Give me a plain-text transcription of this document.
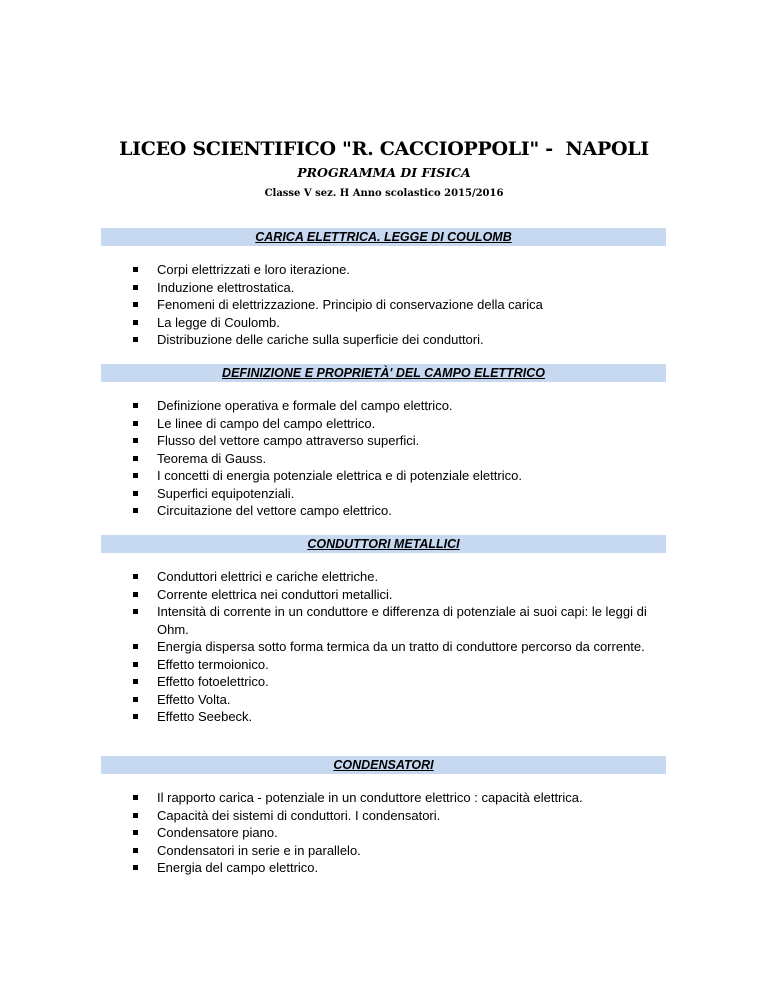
LICEO SCIENTIFICO "R. CACCIOPPOLI" -  NAPOLI
PROGRAMMA DI FISICA
Classe V sez. H Anno scolastico 2015/2016
CARICA ELETTRICA. LEGGE DI COULOMB
Corpi elettrizzati e loro iterazione.
Induzione elettrostatica.
Fenomeni di elettrizzazione. Principio di conservazione della carica
La legge di Coulomb.
Distribuzione delle cariche sulla superficie dei conduttori.
DEFINIZIONE E PROPRIETÀ' DEL CAMPO ELETTRICO
Definizione operativa e formale del campo elettrico.
Le linee di campo del campo elettrico.
Flusso del vettore campo attraverso superfici.
Teorema di Gauss.
I concetti di energia potenziale elettrica e di potenziale elettrico.
Superfici equipotenziali.
Circuitazione del vettore campo elettrico.
CONDUTTORI METALLICI
Conduttori elettrici e cariche elettriche.
Corrente elettrica nei conduttori metallici.
Intensità di corrente in un conduttore e differenza di potenziale ai suoi capi: le leggi di Ohm.
Energia dispersa sotto forma termica da un tratto di conduttore percorso da corrente.
Effetto termoionico.
Effetto fotoelettrico.
Effetto Volta.
Effetto Seebeck.
CONDENSATORI
Il rapporto carica - potenziale in un conduttore elettrico : capacità elettrica.
Capacità dei sistemi di conduttori. I condensatori.
Condensatore piano.
Condensatori in serie e in parallelo.
Energia del campo elettrico.
